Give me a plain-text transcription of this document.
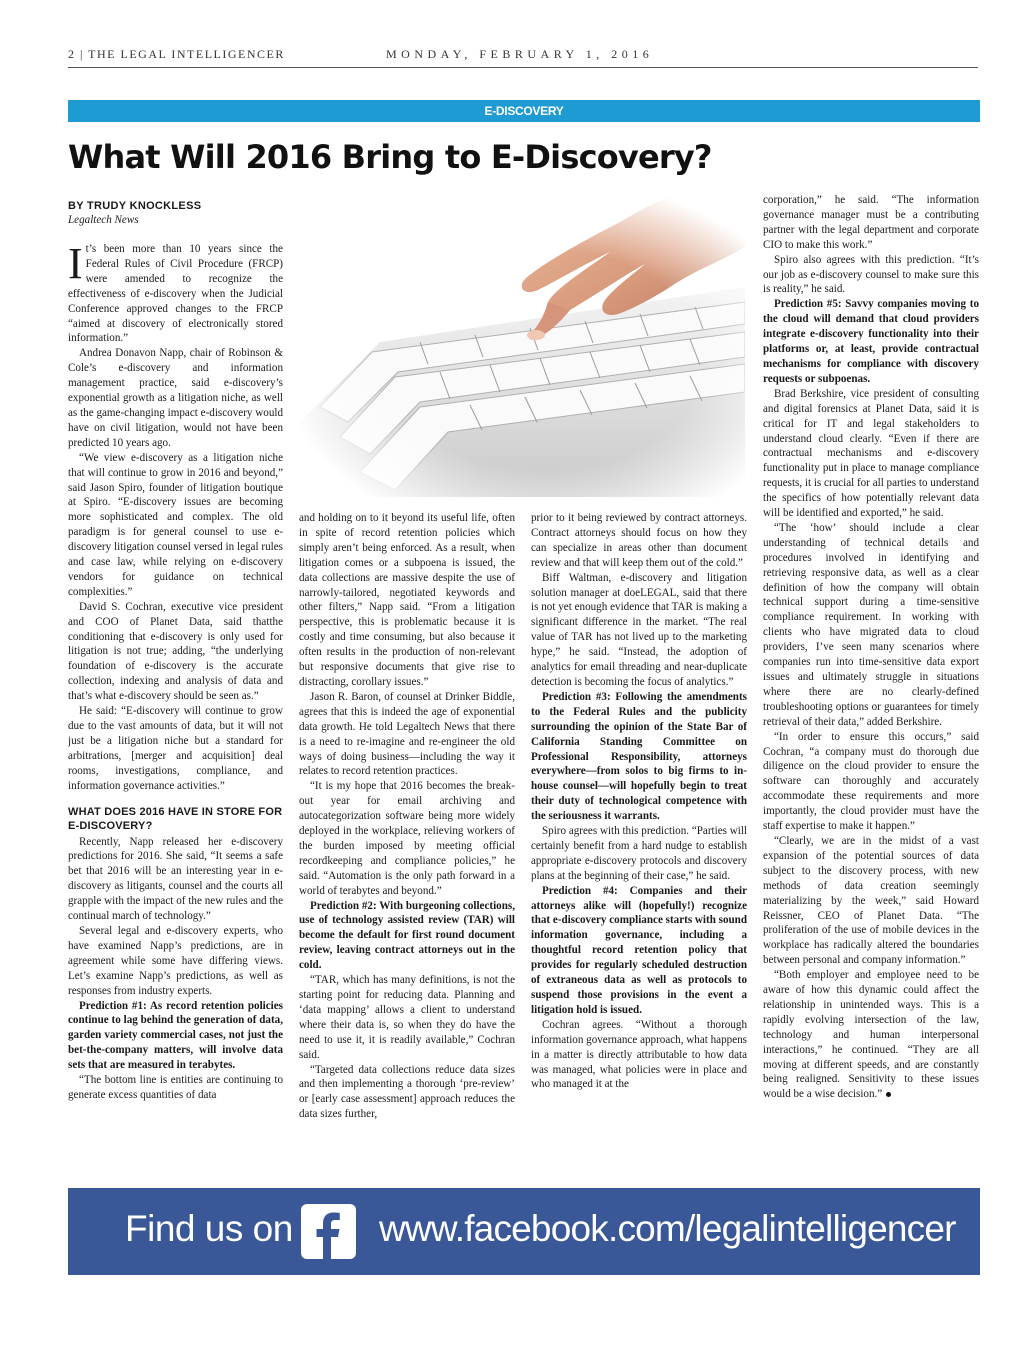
2 | THE LEGAL INTELLIGENCER	MONDAY, FEBRUARY 1, 2016
E-DISCOVERY
What Will 2016 Bring to E-Discovery?
BY TRUDY KNOCKLESS
Legaltech News

It’s been more than 10 years since the Federal Rules of Civil Procedure (FRCP) were amended to recognize the effectiveness of e-discovery when the Judicial Conference approved changes to the FRCP “aimed at discovery of electronically stored information.”

Andrea Donavon Napp, chair of Robinson & Cole’s e-discovery and information management practice, said e-discovery’s exponential growth as a litigation niche, as well as the game-changing impact e-discovery would have on civil litigation, would not have been predicted 10 years ago.

“We view e-discovery as a litigation niche that will continue to grow in 2016 and beyond,” said Jason Spiro, founder of litigation boutique at Spiro. “E-discovery issues are becoming more sophisticated and complex. The old paradigm is for general counsel to use e-discovery litigation counsel versed in legal rules and case law, while relying on e-discovery vendors for guidance on technical complexities.”

David S. Cochran, executive vice president and COO of Planet Data, said thatthe conditioning that e-discovery is only used for litigation is not true; adding, “the underlying foundation of e-discovery is the accurate collection, indexing and analysis of data and that’s what e-discovery should be seen as.”

He said: “E-discovery will continue to grow due to the vast amounts of data, but it will not just be a litigation niche but a standard for arbitrations, [merger and acquisition] deal rooms, investigations, compliance, and information governance activities.”

WHAT DOES 2016 HAVE IN STORE FOR E-DISCOVERY?

Recently, Napp released her e-discovery predictions for 2016. She said, “It seems a safe bet that 2016 will be an interesting year in e-discovery as litigants, counsel and the courts all grapple with the impact of the new rules and the continual march of technology.”

Several legal and e-discovery experts, who have examined Napp’s predictions, are in agreement while some have differing views. Let’s examine Napp’s predictions, as well as responses from industry experts.

Prediction #1: As record retention policies continue to lag behind the generation of data, garden variety commercial cases, not just the bet-the-company matters, will involve data sets that are measured in terabytes.

“The bottom line is entities are continuing to generate excess quantities of data

and holding on to it beyond its useful life, often in spite of record retention policies which simply aren’t being enforced. As a result, when litigation comes or a subpoena is issued, the data collections are massive despite the use of narrowly-tailored, negotiated keywords and other filters,” Napp said. “From a litigation perspective, this is problematic because it is costly and time consuming, but also because it often results in the production of non-relevant but responsive documents that give rise to distracting, corollary issues.”

Jason R. Baron, of counsel at Drinker Biddle, agrees that this is indeed the age of exponential data growth. He told Legaltech News that there is a need to re-imagine and re-engineer the old ways of doing business—including the way it relates to record retention practices.

“It is my hope that 2016 becomes the break-out year for email archiving and autocategorization software being more widely deployed in the workplace, relieving workers of the burden imposed by meeting official recordkeeping and compliance policies,” he said. “Automation is the only path forward in a world of terabytes and beyond.”

Prediction #2: With burgeoning collections, use of technology assisted review (TAR) will become the default for first round document review, leaving contract attorneys out in the cold.

“TAR, which has many definitions, is not the starting point for reducing data. Planning and ‘data mapping’ allows a client to understand where their data is, so when they do have the need to use it, it is readily available,” Cochran said.

“Targeted data collections reduce data sizes and then implementing a thorough ‘pre-review’ or [early case assessment] approach reduces the data sizes further,

prior to it being reviewed by contract attorneys. Contract attorneys should focus on how they can specialize in areas other than document review and that will keep them out of the cold.”

Biff Waltman, e-discovery and litigation solution manager at doeLEGAL, said that there is not yet enough evidence that TAR is making a significant difference in the market. “The real value of TAR has not lived up to the marketing hype,” he said. “Instead, the adoption of analytics for email threading and near-duplicate detection is becoming the focus of analytics.”

Prediction #3: Following the amendments to the Federal Rules and the publicity surrounding the opinion of the State Bar of California Standing Committee on Professional Responsibility, attorneys everywhere—from solos to big firms to in-house counsel—will hopefully begin to treat their duty of technological competence with the seriousness it warrants.

Spiro agrees with this prediction. “Parties will certainly benefit from a hard nudge to establish appropriate e-discovery protocols and discovery plans at the beginning of their case,” he said.

Prediction #4: Companies and their attorneys alike will (hopefully!) recognize that e-discovery compliance starts with sound information governance, including a thoughtful record retention policy that provides for regularly scheduled destruction of extraneous data as well as protocols to suspend those provisions in the event a litigation hold is issued.

Cochran agrees. “Without a thorough information governance approach, what happens in a matter is directly attributable to how data was managed, what policies were in place and who managed it at the

corporation,” he said. “The information governance manager must be a contributing partner with the legal department and corporate CIO to make this work.”

Spiro also agrees with this prediction. “It’s our job as e-discovery counsel to make sure this is reality,” he said.

Prediction #5: Savvy companies moving to the cloud will demand that cloud providers integrate e-discovery functionality into their platforms or, at least, provide contractual mechanisms for compliance with discovery requests or subpoenas.

Brad Berkshire, vice president of consulting and digital forensics at Planet Data, said it is critical for IT and legal stakeholders to understand cloud clearly. “Even if there are contractual mechanisms and e-discovery functionality put in place to manage compliance requests, it is crucial for all parties to understand the specifics of how potentially relevant data will be identified and exported,” he said.

“The ‘how’ should include a clear understanding of technical details and procedures involved in identifying and retrieving responsive data, as well as a clear definition of how the company will obtain technical support during a time-sensitive compliance requirement. In working with clients who have migrated data to cloud providers, I’ve seen many scenarios where companies run into time-sensitive data export issues and ultimately struggle in situations where there are no clearly-defined troubleshooting options or guarantees for timely retrieval of their data,” added Berkshire.

“In order to ensure this occurs,” said Cochran, “a company must do thorough due diligence on the cloud provider to ensure the software can thoroughly and accurately accommodate these requirements and more importantly, the cloud provider must have the staff expertise to make it happen.”

“Clearly, we are in the midst of a vast expansion of the potential sources of data subject to the discovery process, with new methods of data creation seemingly materializing by the week,” said Howard Reissner, CEO of Planet Data. “The proliferation of the use of mobile devices in the workplace has radically altered the boundaries between personal and company information.”

“Both employer and employee need to be aware of how this dynamic could affect the relationship in unintended ways. This is a rapidly evolving intersection of the law, technology and human interpersonal interactions,” he continued. “They are all moving at different speeds, and are constantly being realigned. Sensitivity to these issues would be a wise decision.”

Find us on www.facebook.com/legalintelligencer
